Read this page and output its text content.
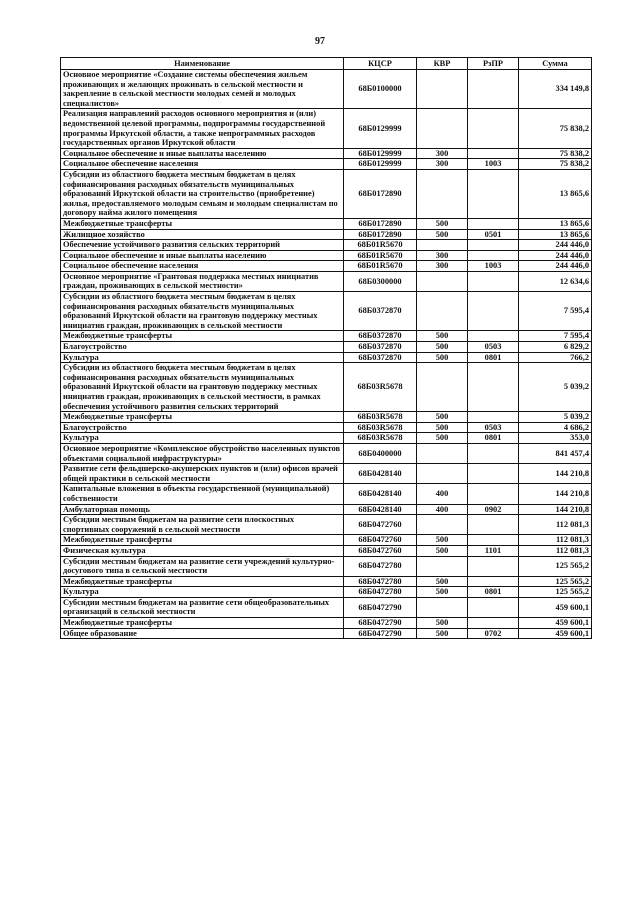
97
Наименование	КЦСР	КВР	РзПР	Сумма
Основное мероприятие «Создание системы обеспечения жильем проживающих и желающих проживать в сельской местности и закрепление в сельской местности молодых семей и молодых специалистов»	68Б0100000			334 149,8
Реализация направлений расходов основного мероприятия и (или) ведомственной целевой программы, подпрограммы государственной программы Иркутской области, а также непрограммных расходов государственных органов Иркутской области	68Б0129999			75 838,2
Социальное обеспечение и иные выплаты населению	68Б0129999	300		75 838,2
Социальное обеспечение населения	68Б0129999	300	1003	75 838,2
Субсидии из областного бюджета местным бюджетам в целях софинансирования расходных обязательств муниципальных образований Иркутской области на строительство (приобретение) жилья, предоставляемого молодым семьям и молодым специалистам по договору найма жилого помещения	68Б0172890			13 865,6
Межбюджетные трансферты	68Б0172890	500		13 865,6
Жилищное хозяйство	68Б0172890	500	0501	13 865,6
Обеспечение устойчивого развития сельских территорий	68Б01R5670			244 446,0
Социальное обеспечение и иные выплаты населению	68Б01R5670	300		244 446,0
Социальное обеспечение населения	68Б01R5670	300	1003	244 446,0
Основное мероприятие «Грантовая поддержка местных инициатив граждан, проживающих в сельской местности»	68Б0300000			12 634,6
Субсидии из областного бюджета местным бюджетам в целях софинансирования расходных обязательств муниципальных образований Иркутской области на грантовую поддержку местных инициатив граждан, проживающих в сельской местности	68Б0372870			7 595,4
Межбюджетные трансферты	68Б0372870	500		7 595,4
Благоустройство	68Б0372870	500	0503	6 829,2
Культура	68Б0372870	500	0801	766,2
Субсидии из областного бюджета местным бюджетам в целях софинансирования расходных обязательств муниципальных образований Иркутской области на грантовую поддержку местных инициатив граждан, проживающих в сельской местности, в рамках обеспечения устойчивого развития сельских территорий	68Б03R5678			5 039,2
Межбюджетные трансферты	68Б03R5678	500		5 039,2
Благоустройство	68Б03R5678	500	0503	4 686,2
Культура	68Б03R5678	500	0801	353,0
Основное мероприятие «Комплексное обустройство населенных пунктов объектами социальной инфраструктуры»	68Б0400000			841 457,4
Развитие сети фельдшерско-акушерских пунктов и (или) офисов врачей общей практики в сельской местности	68Б0428140			144 210,8
Капитальные вложения в объекты государственной (муниципальной) собственности	68Б0428140	400		144 210,8
Амбулаторная помощь	68Б0428140	400	0902	144 210,8
Субсидии местным бюджетам на развитие сети плоскостных спортивных сооружений в сельской местности	68Б0472760			112 081,3
Межбюджетные трансферты	68Б0472760	500		112 081,3
Физическая культура	68Б0472760	500	1101	112 081,3
Субсидии местным бюджетам на развитие сети учреждений культурно-досугового типа в сельской местности	68Б0472780			125 565,2
Межбюджетные трансферты	68Б0472780	500		125 565,2
Культура	68Б0472780	500	0801	125 565,2
Субсидии местным бюджетам на развитие сети общеобразовательных организаций в сельской местности	68Б0472790			459 600,1
Межбюджетные трансферты	68Б0472790	500		459 600,1
Общее образование	68Б0472790	500	0702	459 600,1
